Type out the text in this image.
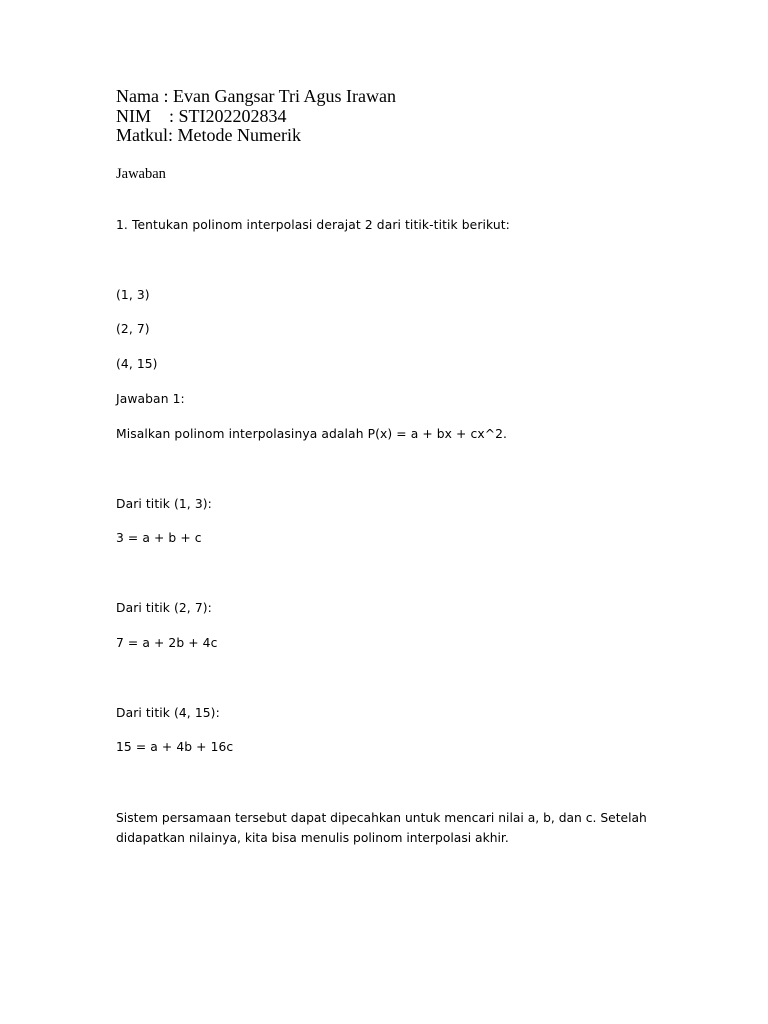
Nama : Evan Gangsar Tri Agus Irawan
NIM    : STI202202834
Matkul: Metode Numerik
Jawaban
1. Tentukan polinom interpolasi derajat 2 dari titik-titik berikut:
(1, 3)
(2, 7)
(4, 15)
Jawaban 1:
Misalkan polinom interpolasinya adalah P(x) = a + bx + cx^2.
Dari titik (1, 3):
3 = a + b + c
Dari titik (2, 7):
7 = a + 2b + 4c
Dari titik (4, 15):
15 = a + 4b + 16c
Sistem persamaan tersebut dapat dipecahkan untuk mencari nilai a, b, dan c. Setelah
didapatkan nilainya, kita bisa menulis polinom interpolasi akhir.
